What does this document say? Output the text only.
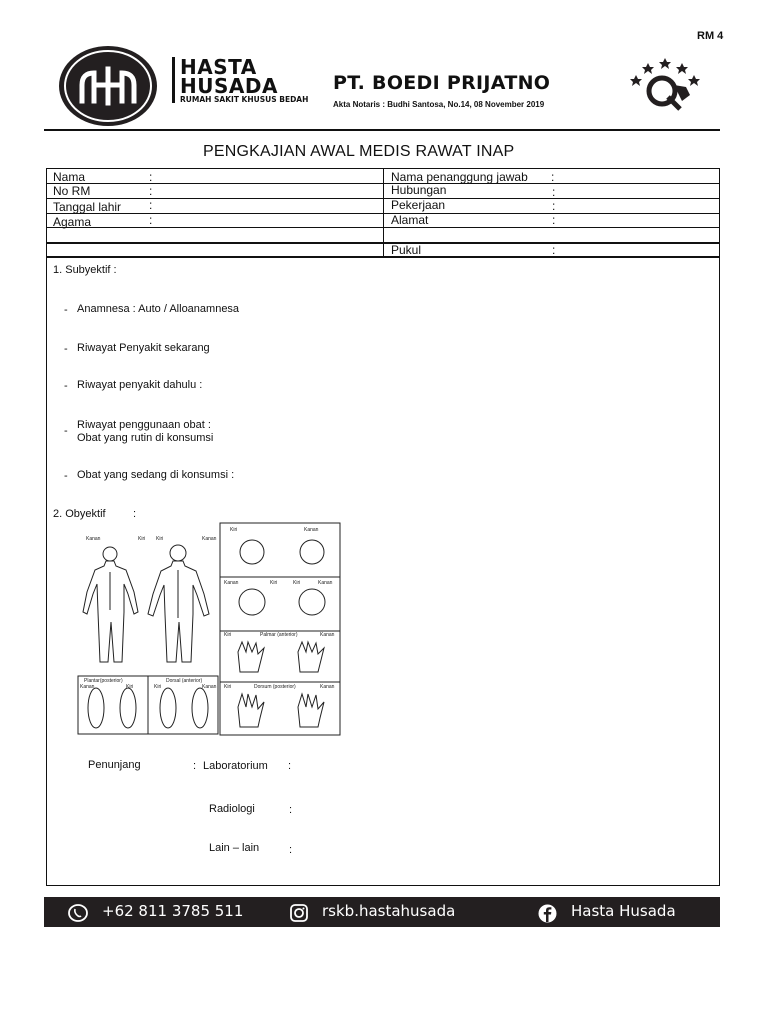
RM 4
HASTA
HUSADA
RUMAH SAKIT KHUSUS BEDAH
PT. BOEDI PRIJATNO
Akta Notaris : Budhi Santosa, No.14, 08 November 2019
PENGKAJIAN AWAL MEDIS RAWAT INAP
Nama	:
No RM	:
Tanggal lahir :
Agama	:
Nama penanggung jawab :
Hubungan	:
Pekerjaan	:
Alamat	:
Pukul	:
1. Subyektif :
- Anamnesa : Auto / Alloanamnesa
- Riwayat Penyakit sekarang
- Riwayat penyakit dahulu :
- Riwayat penggunaan obat :
Obat yang rutin di konsumsi
- Obat yang sedang di konsumsi :
2. Obyektif :
Kanan	Kiri Kiri	Kanan
Kiri	Kanan
Kanan	Kiri	Kiri	Kanan
Kiri	Palmar (anterior)	Kanan
Kiri	Dorsum (posterior)	Kanan
Plantar(posterior)	Dorsal (anterior)
Kanan	Kiri	Kiri	Kanan
Penunjang	: Laboratorium :
Radiologi	:
Lain – lain	:
+62 811 3785 511	rskb.hastahusada	Hasta Husada
